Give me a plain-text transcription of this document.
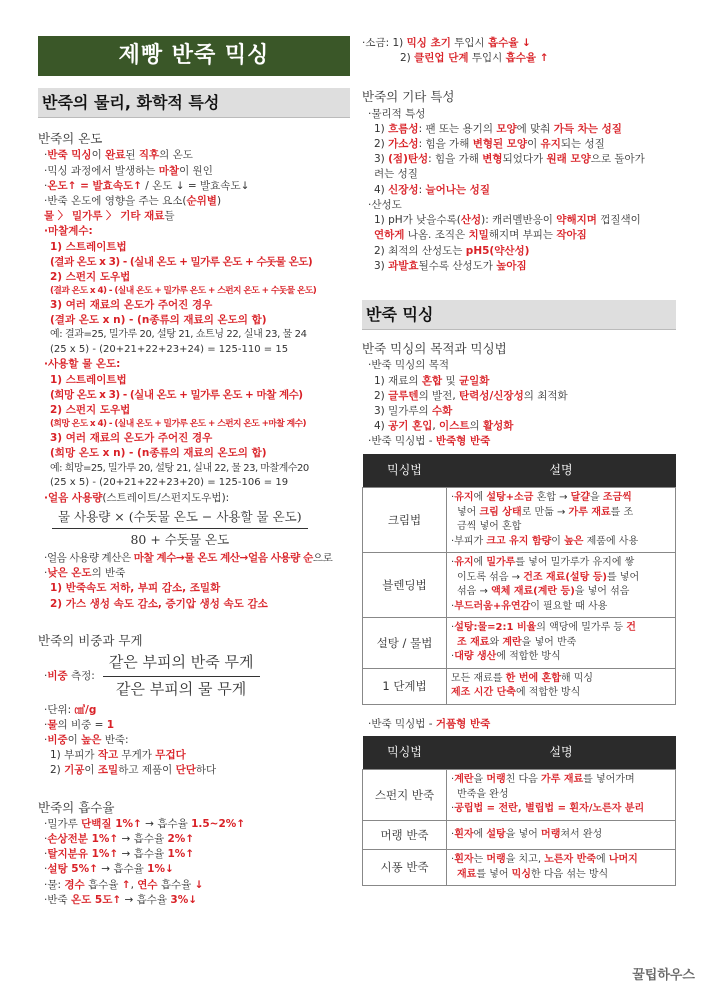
제빵 반죽 믹싱
반죽의 물리, 화학적 특성
반죽의 온도
·반죽 믹싱이 완료된 직후의 온도
·믹싱 과정에서 발생하는 마찰이 원인
·온도↑ = 발효속도↑ / 온도 ↓ = 발효속도↓
·반죽 온도에 영향을 주는 요소(순위별)
물 〉 밀가루 〉 기타 재료들
·마찰계수:
1) 스트레이트법
(결과 온도 x 3) - (실내 온도 + 밀가루 온도 + 수돗물 온도)
2) 스펀지 도우법
(결과 온도 x 4) - (실내 온도 + 밀가루 온도 + 스펀지 온도 + 수돗물 온도)
3) 여러 재료의 온도가 주어진 경우
(결과 온도 x n) - (n종류의 재료의 온도의 합)
예: 결과=25, 밀가루 20, 설탕 21, 쇼트닝 22, 실내 23, 물 24
(25 x 5) - (20+21+22+23+24) = 125-110 = 15
·사용할 물 온도:
1) 스트레이트법
(희망 온도 x 3) - (실내 온도 + 밀가루 온도 + 마찰 계수)
2) 스펀지 도우법
(희망 온도 x 4) - (실내 온도 + 밀가루 온도 + 스펀지 온도 +마찰 계수)
3) 여러 재료의 온도가 주어진 경우
(희망 온도 x n) - (n종류의 재료의 온도의 합)
예: 희망=25, 밀가루 20, 설탕 21, 실내 22, 물 23, 마찰계수20
(25 x 5) - (20+21+22+23+20) = 125-106 = 19
·얼음 사용량(스트레이트/스펀지도우법):
$\frac{\text{물 사용량 × (수돗물 온도 − 사용할 물 온도)}}{\text{80 + 수돗물 온도}}$
·얼음 사용량 계산은 마찰 계수→물 온도 계산→얼음 사용량 순으로
·낮은 온도의 반죽
1) 반죽속도 저하, 부피 감소, 조밀화
2) 가스 생성 속도 감소, 증기압 생성 속도 감소
반죽의 비중과 무게
·비중 측정: $\frac{\text{같은 부피의 반죽 무게}}{\text{같은 부피의 물 무게}}$
·단위: ㎤/g
·물의 비중 = 1
·비중이 높은 반죽:
1) 부피가 작고 무게가 무겁다
2) 기공이 조밀하고 제품이 단단하다
반죽의 흡수율
·밀가루 단백질 1%↑ → 흡수율 1.5~2%↑
·손상전분 1%↑ → 흡수율 2%↑
·탈지분유 1%↑ → 흡수율 1%↑
·설탕 5%↑ → 흡수율 1%↓
·물: 경수 흡수율 ↑, 연수 흡수율 ↓
·반죽 온도 5도↑ → 흡수율 3%↓
·소금: 1) 믹싱 초기 투입시 흡수율 ↓
2) 클린업 단계 투입시 흡수율 ↑
반죽의 기타 특성
·물리적 특성
1) 흐름성: 팬 또는 용기의 모양에 맞춰 가득 차는 성질
2) 가소성: 힘을 가해 변형된 모양이 유지되는 성질
3) (점)탄성: 힘을 가해 변형되었다가 원래 모양으로 돌아가
려는 성질
4) 신장성: 늘어나는 성질
·산성도
1) pH가 낮을수록(산성): 캐러멜반응이 약해지며 껍질색이
연하게 나옴. 조직은 치밀해지며 부피는 작아짐
2) 최적의 산성도는 pH5(약산성)
3) 과발효될수록 산성도가 높아짐
반죽 믹싱
반죽 믹싱의 목적과 믹싱법
·반죽 믹싱의 목적
1) 재료의 혼합 및 균일화
2) 글루텐의 발전, 탄력성/신장성의 최적화
3) 밀가루의 수화
4) 공기 혼입, 이스트의 활성화
·반죽 믹싱법 - 반죽형 반죽
믹싱법	설명
크림법	·유지에 설탕+소금 혼합 → 달걀을 조금씩
넣어 크림 상태로 만듦 → 가루 재료를 조
금씩 넣어 혼합
·부피가 크고 유지 함량이 높은 제품에 사용

블렌딩법	·유지에 밀가루를 넣어 밀가루가 유지에 쌓
이도록 섞음 → 건조 재료(설탕 등)를 넣어
섞음 → 액체 재료(계란 등)을 넣어 섞음
·부드러움+유연감이 필요할 때 사용

설탕 / 물법	·설탕:물=2:1 비율의 액당에 밀가루 등 건
조 재료와 계란을 넣어 반죽
·대량 생산에 적합한 방식

1 단계법	모든 재료를 한 번에 혼합해 믹싱
제조 시간 단축에 적합한 방식
·반죽 믹싱법 - 거품형 반죽
믹싱법	설명
스펀지 반죽	·계란을 머랭친 다음 가루 재료를 넣어가며
반죽을 완성
·공립법 = 전란, 별립법 = 흰자/노른자 분리

머랭 반죽	·흰자에 설탕을 넣어 머랭쳐서 완성

시퐁 반죽	·흰자는 머랭을 치고, 노른자 반죽에 나머지
재료를 넣어 믹싱한 다음 섞는 방식
꿀팁하우스
